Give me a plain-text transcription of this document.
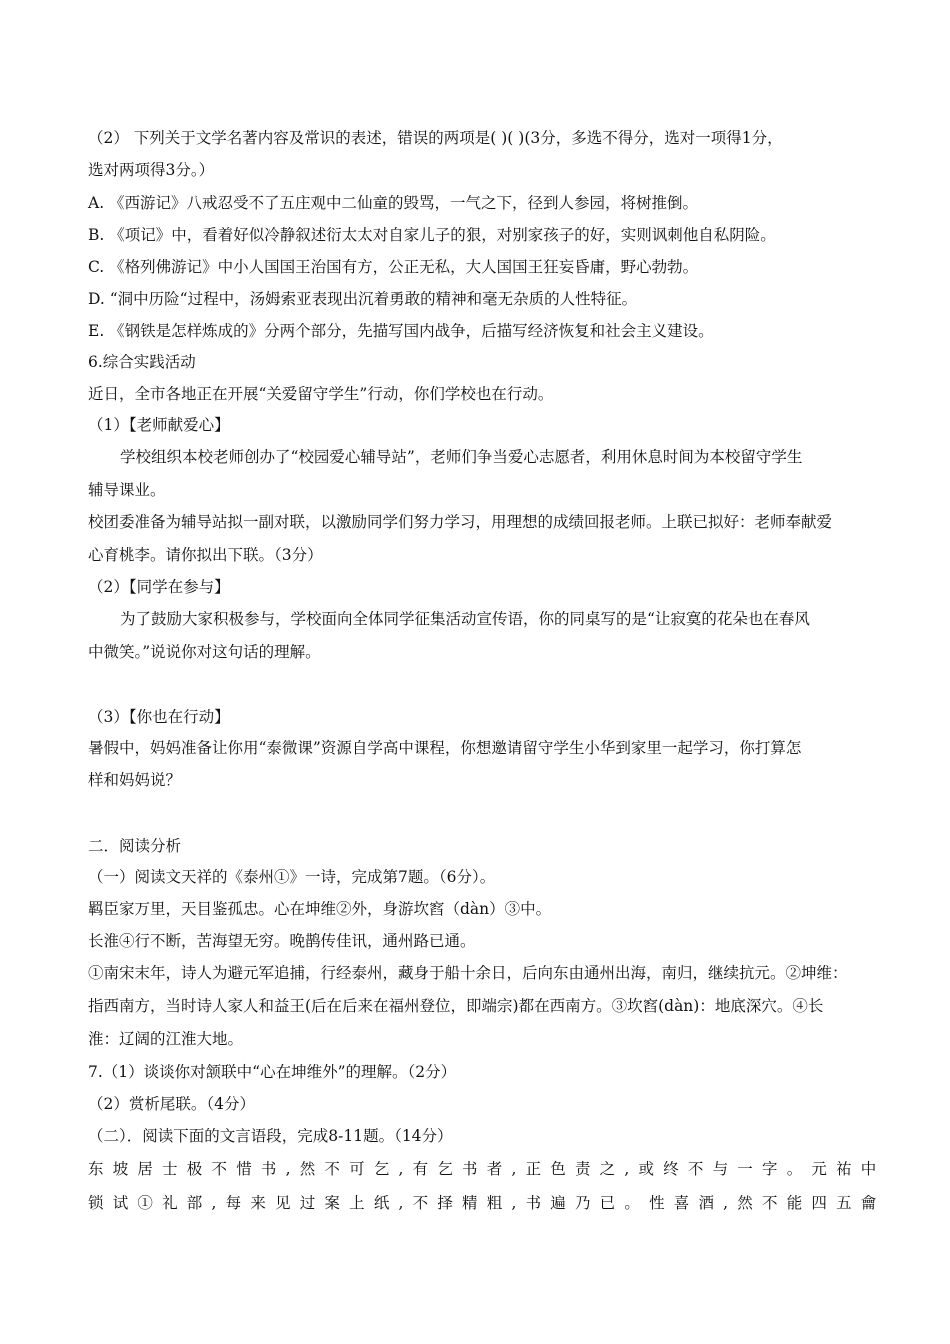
（2） 下列关于文学名著内容及常识的表述，错误的两项是( )( )(3分，多选不得分，选对一项得1分，
选对两项得3分。）
A. 《西游记》八戒忍受不了五庄观中二仙童的毁骂，一气之下，径到人参园，将树推倒。
B. 《项记》中，看着好似冷静叙述衍太太对自家儿子的狠，对别家孩子的好，实则讽刺他自私阴险。
C. 《格列佛游记》中小人国国王治国有方，公正无私，大人国国王狂妄昏庸，野心勃勃。
D. “洞中历险“过程中，汤姆索亚表现出沉着勇敢的精神和毫无杂质的人性特征。
E. 《钢铁是怎样炼成的》分两个部分，先描写国内战争，后描写经济恢复和社会主义建设。
6.综合实践活动
近日，全市各地正在开展“关爱留守学生”行动，你们学校也在行动。
（1）【老师献爱心】
学校组织本校老师创办了“校园爱心辅导站”，老师们争当爱心志愿者，利用休息时间为本校留守学生
辅导课业。
校团委准备为辅导站拟一副对联，以激励同学们努力学习，用理想的成绩回报老师。上联已拟好：老师奉献爱
心育桃李。请你拟出下联。（3分）
（2）【同学在参与】
为了鼓励大家积极参与，学校面向全体同学征集活动宣传语，你的同桌写的是“让寂寞的花朵也在春风
中微笑。”说说你对这句话的理解。
（3）【你也在行动】
暑假中，妈妈准备让你用“泰微课”资源自学高中课程，你想邀请留守学生小华到家里一起学习，你打算怎
样和妈妈说？
二．阅读分析
（一）阅读文天祥的《泰州①》一诗，完成第7题。（6分）。
羁臣家万里，天目鉴孤忠。心在坤维②外，身游坎窞（dàn）③中。
长淮④行不断，苦海望无穷。晚鹊传佳讯，通州路已通。
①南宋末年，诗人为避元军追捕，行经泰州，藏身于船十余日，后向东由通州出海，南归，继续抗元。②坤维：
指西南方，当时诗人家人和益王(后在后来在福州登位，即端宗)都在西南方。③坎窞(dàn)：地底深穴。④长
淮：辽阔的江淮大地。
7.（1）谈谈你对颔联中“心在坤维外”的理解。（2分）
（2）赏析尾联。（4分）
（二）．阅读下面的文言语段，完成8-11题。（14分）
东坡居士极不惜书,然不可乞,有乞书者,正色责之,或终不与一字。元祐中
锁试①礼部,每来见过案上纸,不择精粗,书遍乃已。性喜酒,然不能四五龠
